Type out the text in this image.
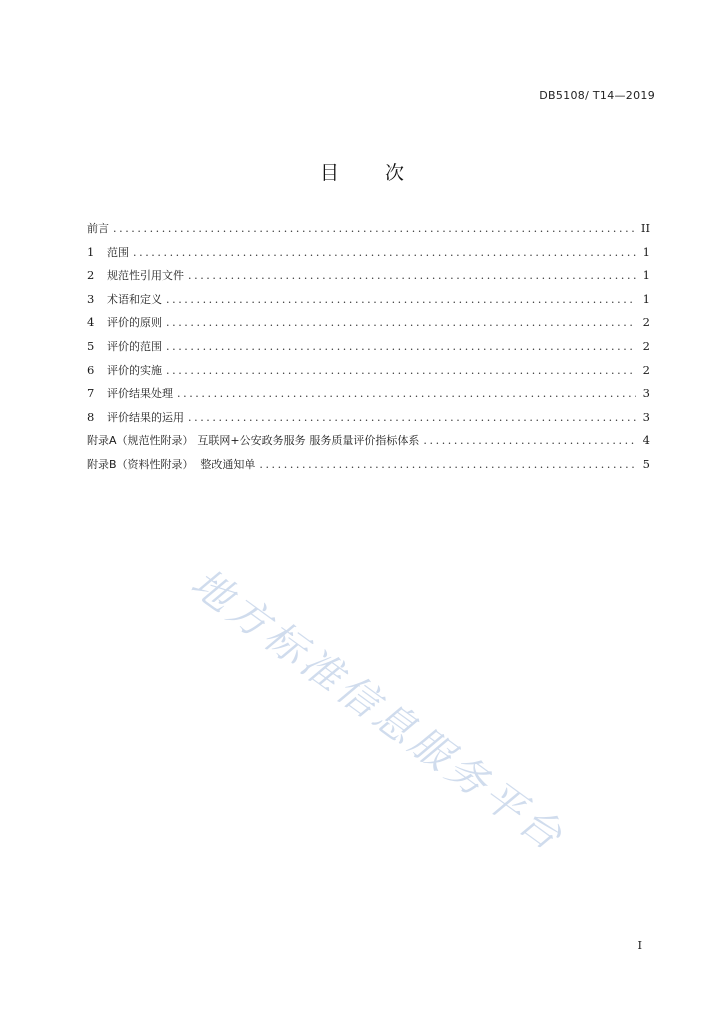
DB5108/ T14—2019
目 次
前言 .....	II
1	范围 .....	1
2	规范性引用文件 .....	1
3	术语和定义 .....	1
4	评价的原则 .....	2
5	评价的范围 .....	2
6	评价的实施 .....	2
7	评价结果处理 .....	3
8	评价结果的运用 .....	3
附录A（规范性附录） 互联网+公安政务服务 服务质量评价指标体系 .....	4
附录B（资料性附录） 整改通知单 .....	5
地方标准信息服务平台
I
